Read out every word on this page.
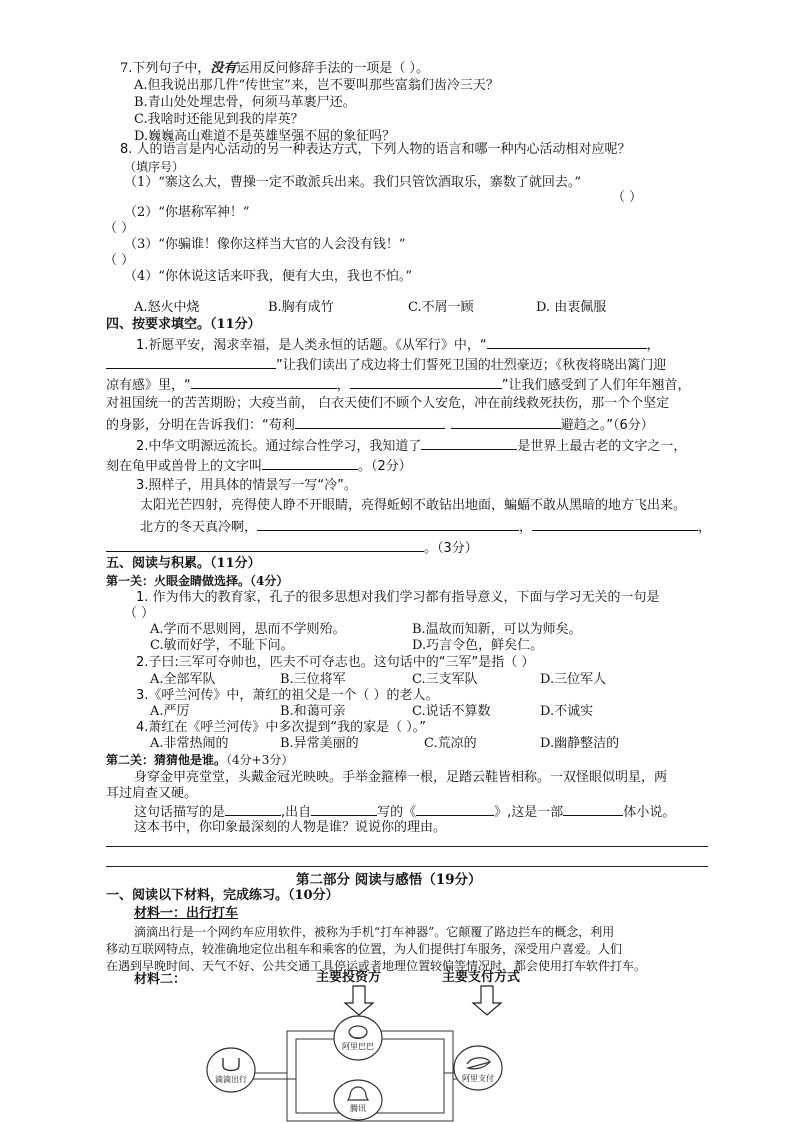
7.下列句子中，没有运用反问修辞手法的一项是（ ）。
A.但我说出那几件“传世宝”来，岂不要叫那些富翁们齿冷三天？
B.青山处处埋忠骨，何须马革裹尸还。
C.我啥时还能见到我的岸英？
D.巍巍高山难道不是英雄坚强不屈的象征吗？
8. 人的语言是内心活动的另一种表达方式，下列人物的语言和哪一种内心活动相对应呢？
（填序号）
（1）“寨这么大，曹操一定不敢派兵出来。我们只管饮酒取乐，寨数了就回去。”
（ ）
（2）“你堪称军神！”
（ ）
（3）“你骗谁！像你这样当大官的人会没有钱！”
（ ）
（4）“你休说这话来吓我，便有大虫，我也不怕。”
A.怒火中烧	B.胸有成竹	C.不屑一顾	D. 由衷佩服
四、按要求填空。（11分）
1.祈愿平安，渴求幸福，是人类永恒的话题。《从军行》中，“	，
”让我们读出了戍边将士们誓死卫国的壮烈豪迈；《秋夜将晓出篱门迎
凉有感》里，“	，	”让我们感受到了人们年年翘首，
对祖国统一的苦苦期盼；大疫当前， 白衣天使们不顾个人安危，冲在前线救死扶伤，那一个个坚定
的身影，分明在告诉我们：“苟利	避趋之。”（6分）
2.中华文明源远流长。通过综合性学习，我知道了	是世界上最古老的文字之一，
刻在龟甲或兽骨上的文字叫	。（2分）
3.照样子，用具体的情景写一写“冷”。
太阳光芒四射，亮得使人睁不开眼睛，亮得蚯蚓不敢钻出地面，蝙蝠不敢从黑暗的地方飞出来。
北方的冬天真冷啊，	，	，
。（3分）
五、阅读与积累。（11分）
第一关：火眼金睛做选择。（4分）
1. 作为伟大的教育家，孔子的很多思想对我们学习都有指导意义，下面与学习无关的一句是
（ ）
A.学而不思则罔，思而不学则殆。	B.温故而知新，可以为师矣。
C.敏而好学，不耻下问。	D.巧言令色，鲜矣仁。
2.子曰:三军可夺帅也，匹夫不可夺志也。这句话中的“三军”是指（ ）
A.全部军队	B.三位将军	C.三支军队	D.三位军人
3.《呼兰河传》中，萧红的祖父是一个（ ）的老人。
A.严厉	B.和蔼可亲	C.说话不算数	D.不诚实
4.萧红在《呼兰河传》中多次提到“我的家是（ ）。”
A.非常热闹的	B.异常美丽的	C.荒凉的	D.幽静整洁的
第二关：猜猜他是谁。（4分+3分）
身穿金甲亮堂堂，头戴金冠光映映。手举金箍棒一根，足踏云鞋皆相称。一双怪眼似明星，两
耳过肩查又硬。
这句话描写的是	,出自	写的《	》,这是一部	体小说。
这本书中，你印象最深刻的人物是谁？说说你的理由。
第二部分 阅读与感悟（19分）
一、阅读以下材料，完成练习。（10分）
材料一：出行打车
滴滴出行是一个网约车应用软件，被称为手机“打车神器”。它颠覆了路边拦车的概念，利用
移动互联网特点，较准确地定位出租车和乘客的位置，为人们提供打车服务，深受用户喜爱。人们
在遇到早晚时间、天气不好、公共交通工具停运或者地理位置较偏等情况时，都会使用打车软件打车。
材料二：	主要投资方	主要支付方式
阿里巴巴
滴滴出行	阿里支付
腾讯
